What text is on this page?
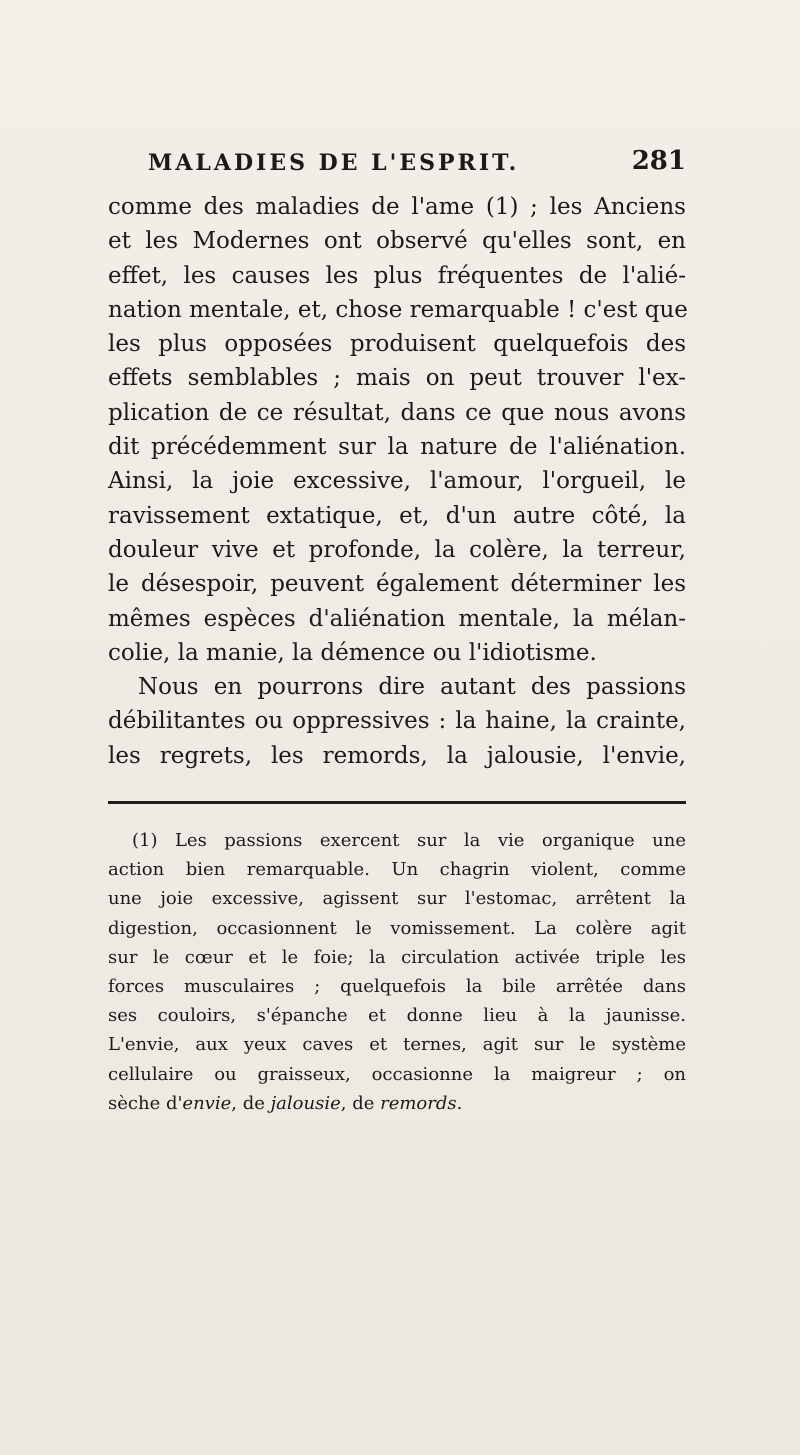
MALADIES DE L'ESPRIT.	281
comme des maladies de l'ame (1) ; les Anciens
et les Modernes ont observé qu'elles sont, en
effet, les causes les plus fréquentes de l'alié-
nation mentale, et, chose remarquable ! c'est que
les plus opposées produisent quelquefois des
effets semblables ; mais on peut trouver l'ex-
plication de ce résultat, dans ce que nous avons
dit précédemment sur la nature de l'aliénation.
Ainsi, la joie excessive, l'amour, l'orgueil, le
ravissement extatique, et, d'un autre côté, la
douleur vive et profonde, la colère, la terreur,
le désespoir, peuvent également déterminer les
mêmes espèces d'aliénation mentale, la mélan-
colie, la manie, la démence ou l'idiotisme.
Nous en pourrons dire autant des passions
débilitantes ou oppressives : la haine, la crainte,
les regrets, les remords, la jalousie, l'envie,
(1) Les passions exercent sur la vie organique une
action bien remarquable. Un chagrin violent, comme
une joie excessive, agissent sur l'estomac, arrêtent la
digestion, occasionnent le vomissement. La colère agit
sur le cœur et le foie; la circulation activée triple les
forces musculaires ; quelquefois la bile arrêtée dans
ses couloirs, s'épanche et donne lieu à la jaunisse.
L'envie, aux yeux caves et ternes, agit sur le système
cellulaire ou graisseux, occasionne la maigreur ; on
sèche d'envie, de jalousie, de remords.
